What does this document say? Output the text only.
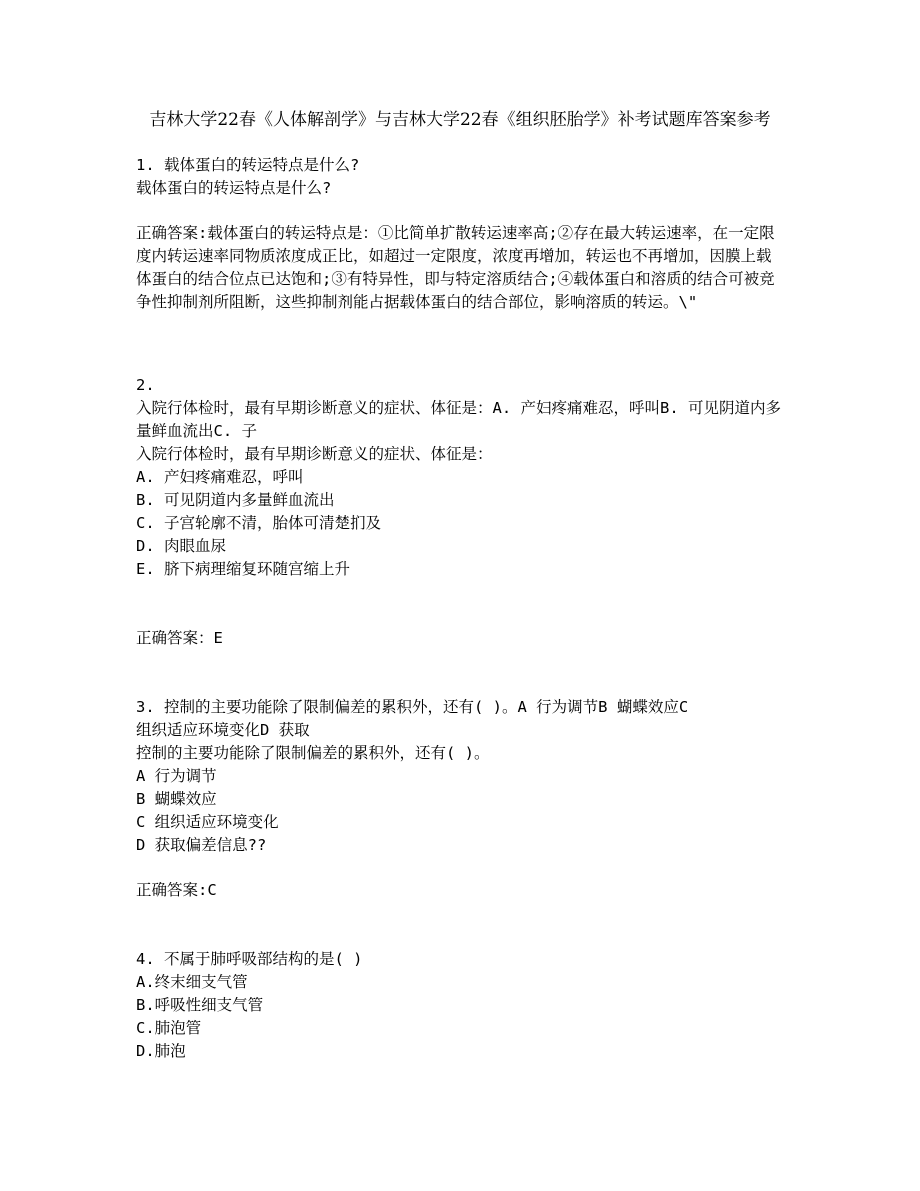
吉林大学22春《人体解剖学》与吉林大学22春《组织胚胎学》补考试题库答案参考
1. 载体蛋白的转运特点是什么?
载体蛋白的转运特点是什么?
正确答案:载体蛋白的转运特点是：①比简单扩散转运速率高;②存在最大转运速率，在一定限度内转运速率同物质浓度成正比，如超过一定限度，浓度再增加，转运也不再增加，因膜上载体蛋白的结合位点已达饱和;③有特异性，即与特定溶质结合;④载体蛋白和溶质的结合可被竞争性抑制剂所阻断，这些抑制剂能占据载体蛋白的结合部位，影响溶质的转运。\"
2.
入院行体检时，最有早期诊断意义的症状、体征是：A. 产妇疼痛难忍，呼叫B. 可见阴道内多量鲜血流出C. 子
入院行体检时，最有早期诊断意义的症状、体征是：
A. 产妇疼痛难忍，呼叫
B. 可见阴道内多量鲜血流出
C. 子宫轮廓不清，胎体可清楚扪及
D. 肉眼血尿
E. 脐下病理缩复环随宫缩上升
正确答案：E
3. 控制的主要功能除了限制偏差的累积外，还有( )。A 行为调节B 蝴蝶效应C
组织适应环境变化D 获取
控制的主要功能除了限制偏差的累积外，还有( )。
A 行为调节
B 蝴蝶效应
C 组织适应环境变化
D 获取偏差信息??
正确答案:C
4. 不属于肺呼吸部结构的是( )
A.终末细支气管
B.呼吸性细支气管
C.肺泡管
D.肺泡
